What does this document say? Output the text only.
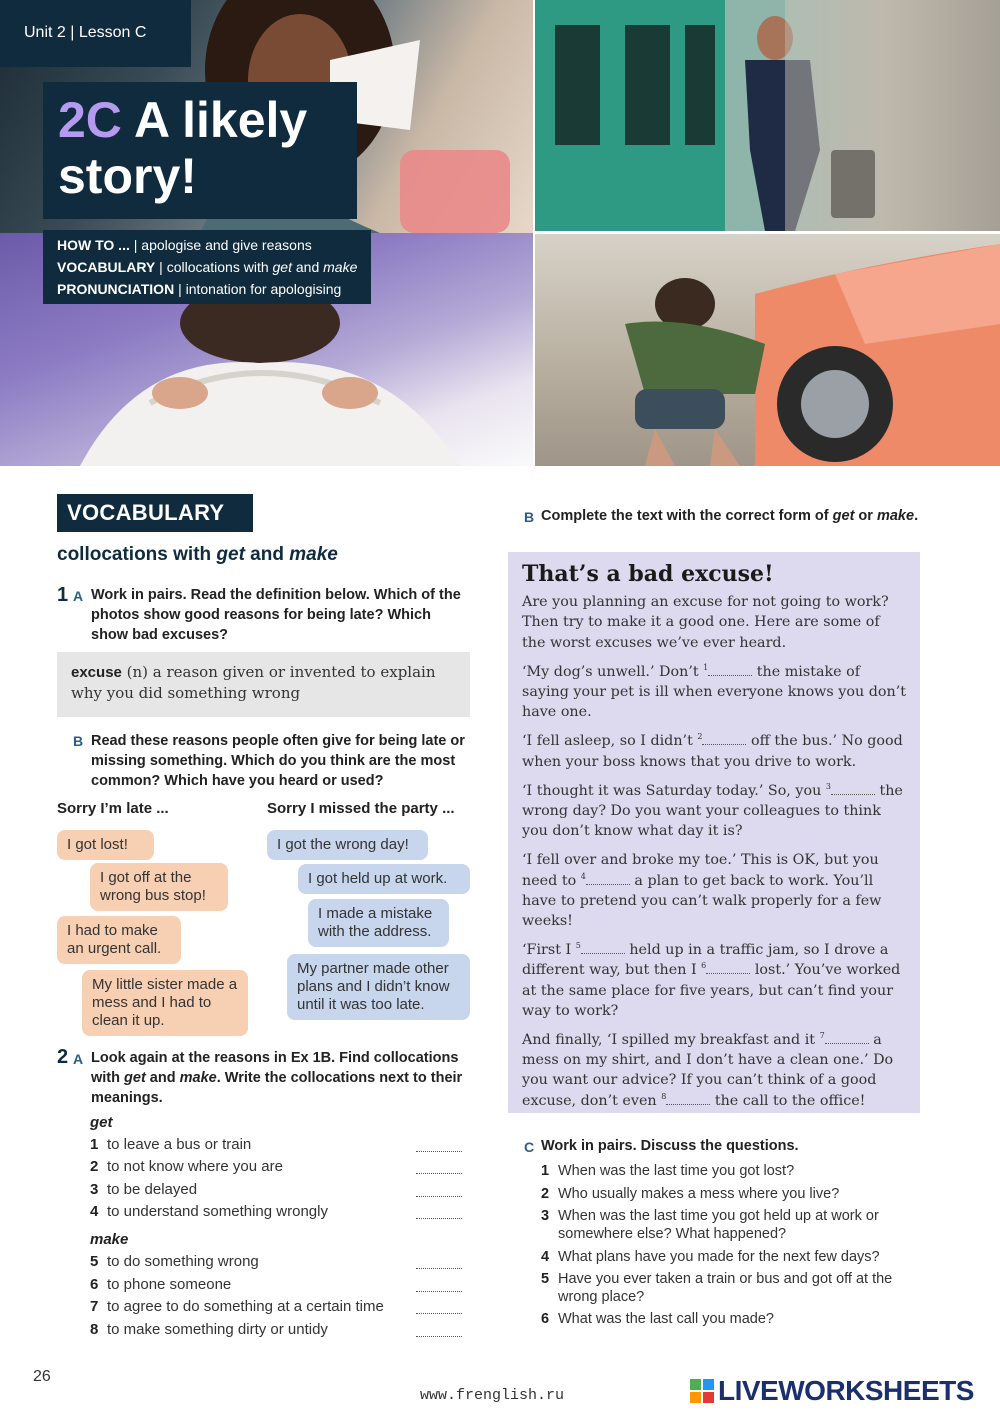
Unit 2 | Lesson C
2C A likely
story!
HOW TO ... | apologise and give reasons
VOCABULARY | collocations with get and make
PRONUNCIATION | intonation for apologising
VOCABULARY
collocations with get and make
1 A Work in pairs. Read the definition below. Which of the photos show good reasons for being late? Which show bad excuses?
excuse (n) a reason given or invented to explain why you did something wrong
B Read these reasons people often give for being late or missing something. Which do you think are the most common? Which have you heard or used?
Sorry I’m late ...	Sorry I missed the party ...
I got lost!
I got off at the wrong bus stop!
I had to make an urgent call.
My little sister made a mess and I had to clean it up.
I got the wrong day!
I got held up at work.
I made a mistake with the address.
My partner made other plans and I didn’t know until it was too late.
2 A Look again at the reasons in Ex 1B. Find collocations with get and make. Write the collocations next to their meanings.
get
1 to leave a bus or train
2 to not know where you are
3 to be delayed
4 to understand something wrongly
make
5 to do something wrong
6 to phone someone
7 to agree to do something at a certain time
8 to make something dirty or untidy
B Complete the text with the correct form of get or make.
That’s a bad excuse!

Are you planning an excuse for not going to work? Then try to make it a good one. Here are some of the worst excuses we’ve ever heard.

‘My dog’s unwell.’ Don’t $^1$	the mistake of saying your pet is ill when everyone knows you don’t have one.

‘I fell asleep, so I didn’t $^2$	off the bus.’ No good when your boss knows that you drive to work.

‘I thought it was Saturday today.’ So, you $^3$	the wrong day? Do you want your colleagues to think you don’t know what day it is?

‘I fell over and broke my toe.’ This is OK, but you need to $^4$	a plan to get back to work. You’ll have to pretend you can’t walk properly for a few weeks!

‘First I $^5$	held up in a traffic jam, so I drove a different way, but then I $^6$	lost.’ You’ve worked at the same place for five years, but can’t find your way to work?

And finally, ‘I spilled my breakfast and it $^7$	a mess on my shirt, and I don’t have a clean one.’ Do you want our advice? If you can’t think of a good excuse, don’t even $^8$	the call to the office!

C Work in pairs. Discuss the questions.
1 When was the last time you got lost?
2 Who usually makes a mess where you live?
3 When was the last time you got held up at work or somewhere else? What happened?
4 What plans have you made for the next few days?
5 Have you ever taken a train or bus and got off at the wrong place?
6 What was the last call you made?
26
www.frenglish.ru	LIVEWORKSHEETS
